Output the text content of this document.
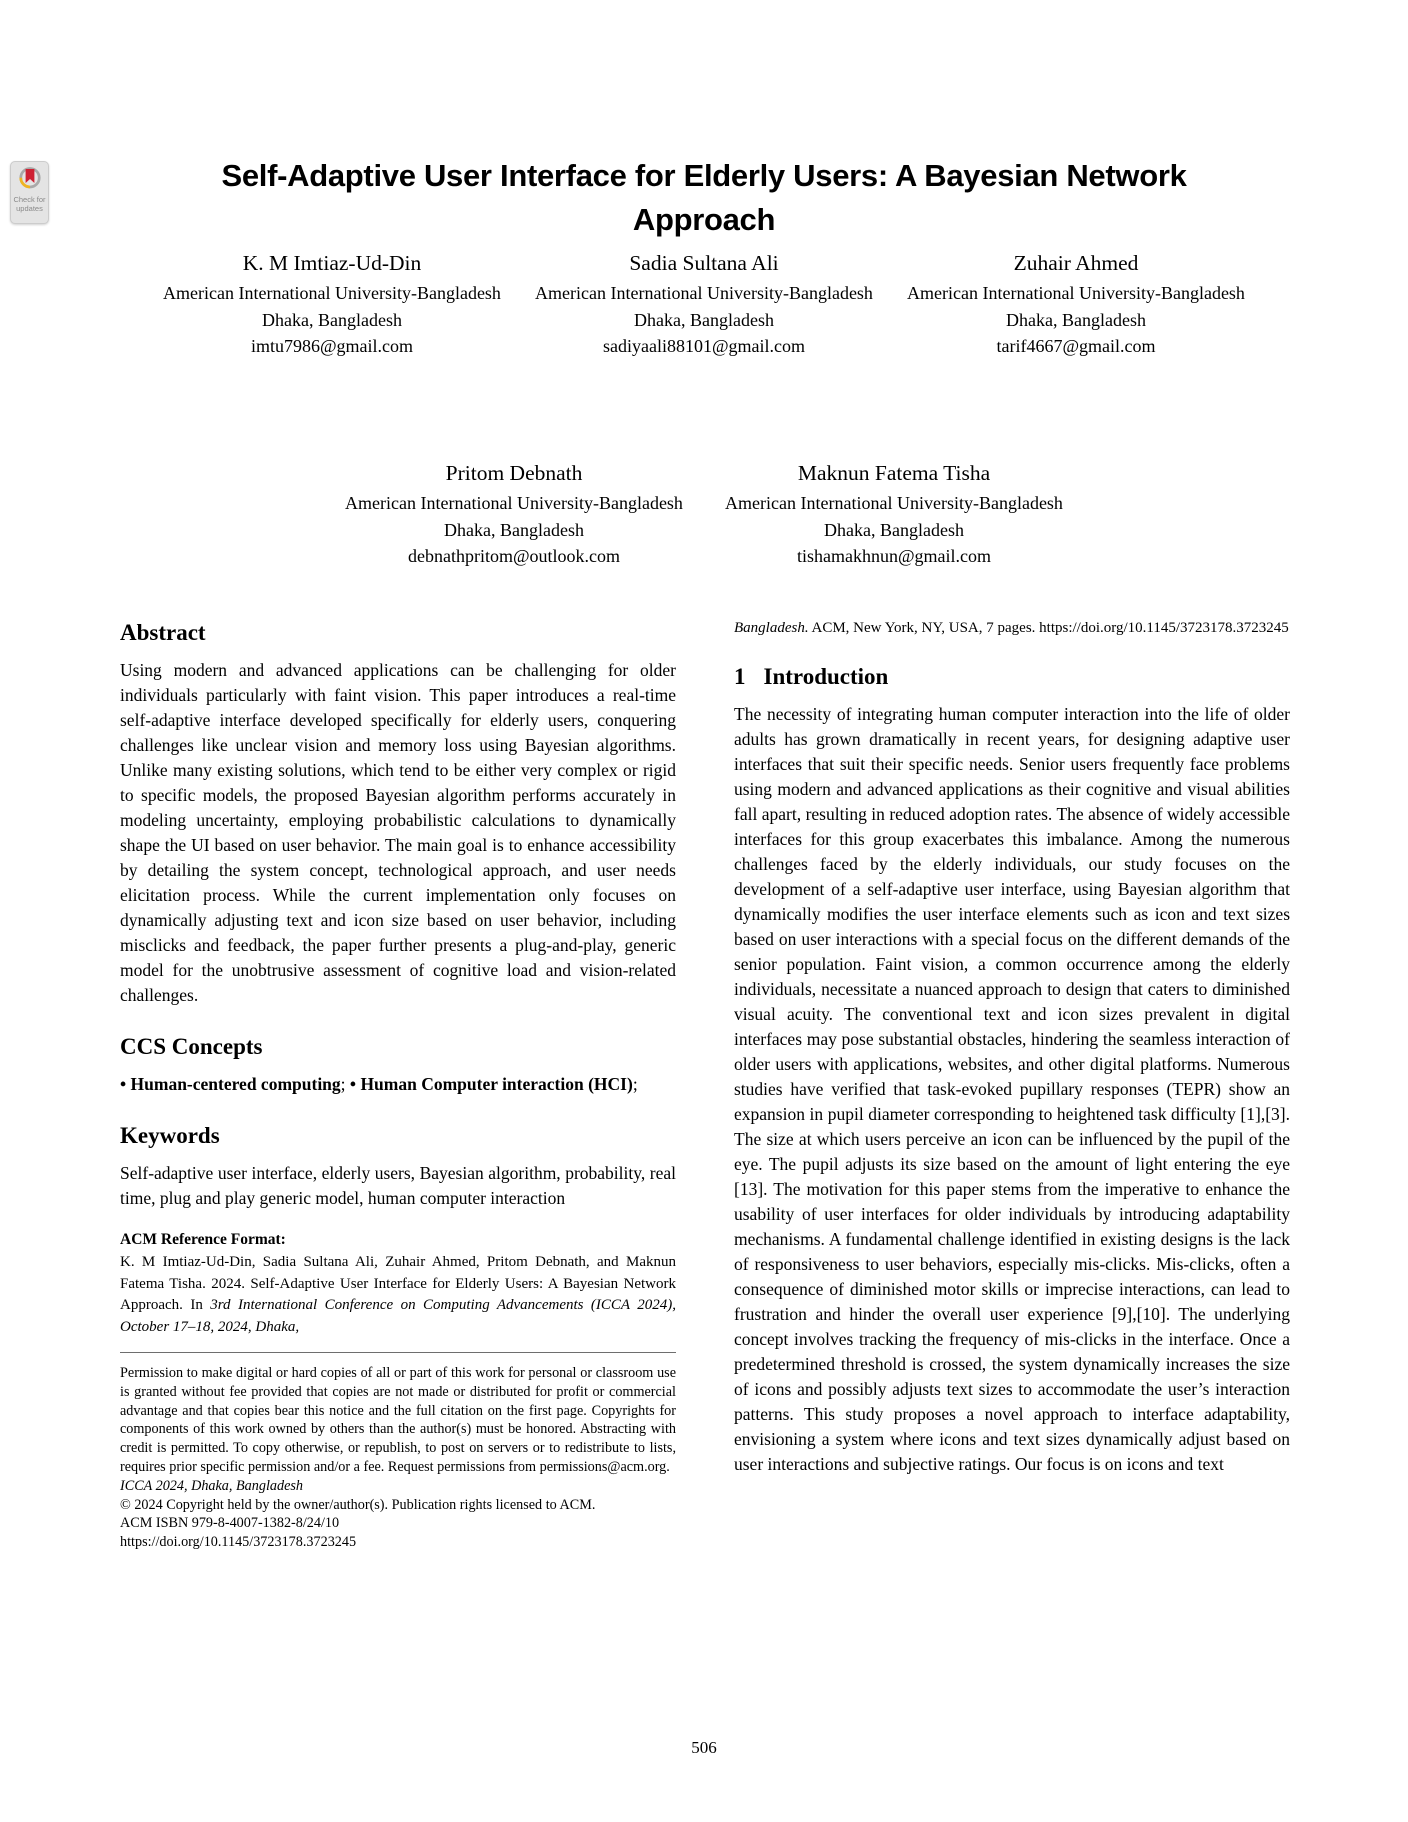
Check for
updates
Self-Adaptive User Interface for Elderly Users: A Bayesian Network Approach
K. M Imtiaz-Ud-Din
American International University-Bangladesh
Dhaka, Bangladesh
imtu7986@gmail.com
Sadia Sultana Ali
American International University-Bangladesh
Dhaka, Bangladesh
sadiyaali88101@gmail.com
Zuhair Ahmed
American International University-Bangladesh
Dhaka, Bangladesh
tarif4667@gmail.com
Pritom Debnath
American International University-Bangladesh
Dhaka, Bangladesh
debnathpritom@outlook.com
Maknun Fatema Tisha
American International University-Bangladesh
Dhaka, Bangladesh
tishamakhnun@gmail.com
Abstract

Using modern and advanced applications can be challenging for older individuals particularly with faint vision. This paper introduces a real-time self-adaptive interface developed specifically for elderly users, conquering challenges like unclear vision and memory loss using Bayesian algorithms. Unlike many existing solutions, which tend to be either very complex or rigid to specific models, the proposed Bayesian algorithm performs accurately in modeling uncertainty, employing probabilistic calculations to dynamically shape the UI based on user behavior. The main goal is to enhance accessibility by detailing the system concept, technological approach, and user needs elicitation process. While the current implementation only focuses on dynamically adjusting text and icon size based on user behavior, including misclicks and feedback, the paper further presents a plug-and-play, generic model for the unobtrusive assessment of cognitive load and vision-related challenges.

CCS Concepts

• Human-centered computing; • Human Computer interaction (HCI);

Keywords

Self-adaptive user interface, elderly users, Bayesian algorithm, probability, real time, plug and play generic model, human computer interaction

ACM Reference Format:

K. M Imtiaz-Ud-Din, Sadia Sultana Ali, Zuhair Ahmed, Pritom Debnath, and Maknun Fatema Tisha. 2024. Self-Adaptive User Interface for Elderly Users: A Bayesian Network Approach. In 3rd International Conference on Computing Advancements (ICCA 2024), October 17–18, 2024, Dhaka,

Permission to make digital or hard copies of all or part of this work for personal or classroom use is granted without fee provided that copies are not made or distributed for profit or commercial advantage and that copies bear this notice and the full citation on the first page. Copyrights for components of this work owned by others than the author(s) must be honored. Abstracting with credit is permitted. To copy otherwise, or republish, to post on servers or to redistribute to lists, requires prior specific permission and/or a fee. Request permissions from permissions@acm.org.

ICCA 2024, Dhaka, Bangladesh

© 2024 Copyright held by the owner/author(s). Publication rights licensed to ACM.

ACM ISBN 979-8-4007-1382-8/24/10

https://doi.org/10.1145/3723178.3723245

Bangladesh. ACM, New York, NY, USA, 7 pages. https://doi.org/10.1145/3723178.3723245

1 Introduction

The necessity of integrating human computer interaction into the life of older adults has grown dramatically in recent years, for designing adaptive user interfaces that suit their specific needs. Senior users frequently face problems using modern and advanced applications as their cognitive and visual abilities fall apart, resulting in reduced adoption rates. The absence of widely accessible interfaces for this group exacerbates this imbalance. Among the numerous challenges faced by the elderly individuals, our study focuses on the development of a self-adaptive user interface, using Bayesian algorithm that dynamically modifies the user interface elements such as icon and text sizes based on user interactions with a special focus on the different demands of the senior population. Faint vision, a common occurrence among the elderly individuals, necessitate a nuanced approach to design that caters to diminished visual acuity. The conventional text and icon sizes prevalent in digital interfaces may pose substantial obstacles, hindering the seamless interaction of older users with applications, websites, and other digital platforms. Numerous studies have verified that task-evoked pupillary responses (TEPR) show an expansion in pupil diameter corresponding to heightened task difficulty [1],[3]. The size at which users perceive an icon can be influenced by the pupil of the eye. The pupil adjusts its size based on the amount of light entering the eye [13]. The motivation for this paper stems from the imperative to enhance the usability of user interfaces for older individuals by introducing adaptability mechanisms. A fundamental challenge identified in existing designs is the lack of responsiveness to user behaviors, especially mis-clicks. Mis-clicks, often a consequence of diminished motor skills or imprecise interactions, can lead to frustration and hinder the overall user experience [9],[10]. The underlying concept involves tracking the frequency of mis-clicks in the interface. Once a predetermined threshold is crossed, the system dynamically increases the size of icons and possibly adjusts text sizes to accommodate the user’s interaction patterns. This study proposes a novel approach to interface adaptability, envisioning a system where icons and text sizes dynamically adjust based on user interactions and subjective ratings. Our focus is on icons and text

506
